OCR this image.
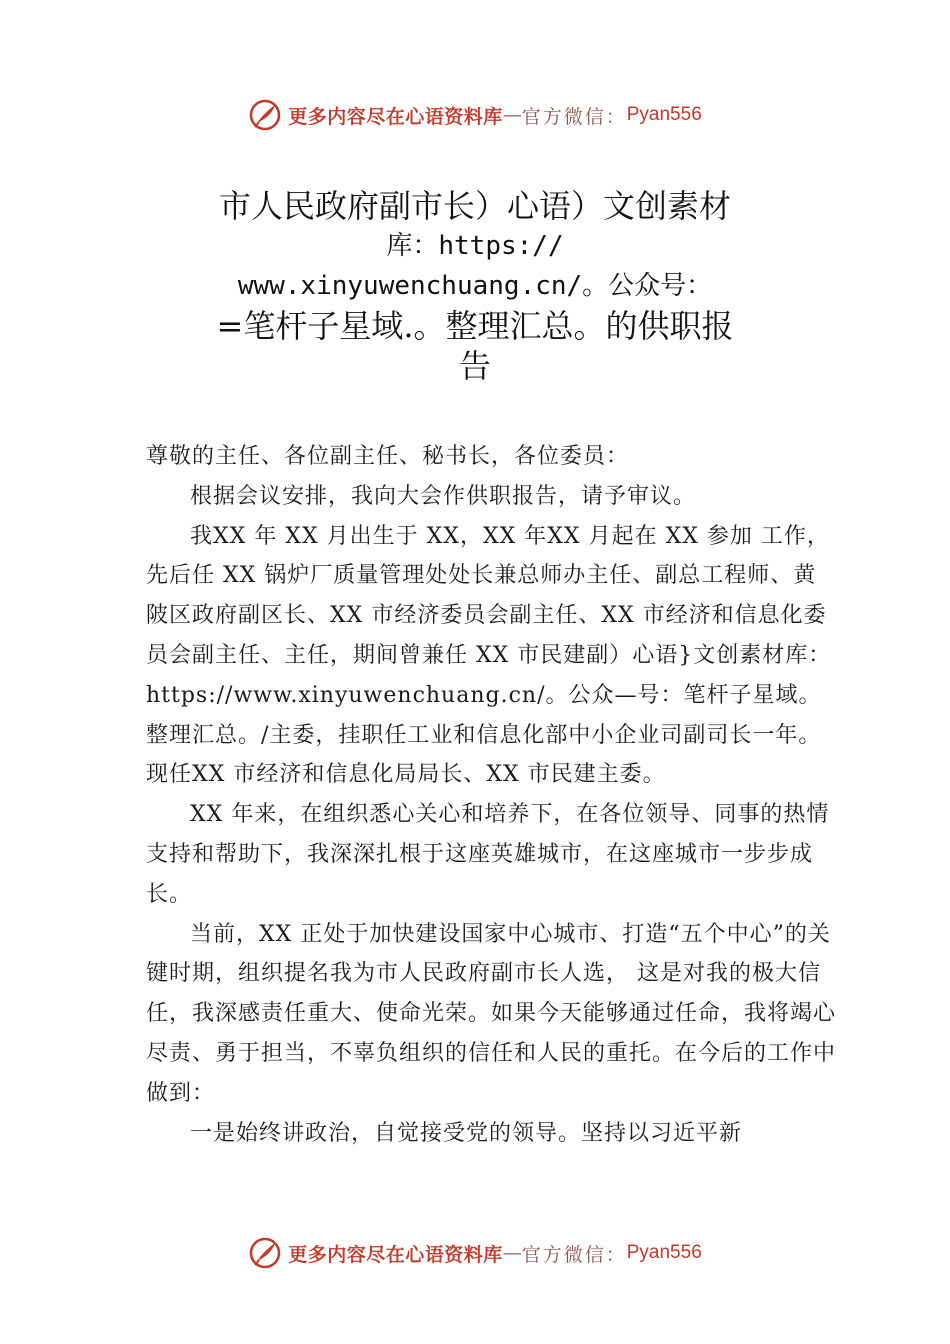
更多内容尽在心语资料库 — 官方微信： Pyan556
市人民政府副市长）心语）文创素材
库：https://
www.xinyuwenchuang.cn/。公众号：
=笔杆子星域.。整理汇总。的供职报
告

尊敬的主任、各位副主任、秘书长，各位委员：

根据会议安排，我向大会作供职报告，请予审议。

我XX 年 XX 月出生于 XX，XX 年XX 月起在 XX 参加 工作，先后任 XX 锅炉厂质量管理处处长兼总师办主任、副总工程师、黄陂区政府副区长、XX 市经济委员会副主任、XX 市经济和信息化委员会副主任、主任，期间曾兼任 XX 市民建副）心语}文创素材库：https://www.xinyuwenchuang.cn/。公众—号：笔杆子星域。整理汇总。/主委，挂职任工业和信息化部中小企业司副司长一年。现任XX 市经济和信息化局局长、XX 市民建主委。

XX 年来，在组织悉心关心和培养下，在各位领导、同事的热情支持和帮助下，我深深扎根于这座英雄城市，在这座城市一步步成长。

当前，XX 正处于加快建设国家中心城市、打造“五个中心”的关键时期，组织提名我为市人民政府副市长人选， 这是对我的极大信任，我深感责任重大、使命光荣。如果今天能够通过任命，我将竭心尽责、勇于担当，不辜负组织的信任和人民的重托。在今后的工作中做到：

一是始终讲政治，自觉接受党的领导。坚持以习近平新

更多内容尽在心语资料库 — 官方微信： Pyan556
